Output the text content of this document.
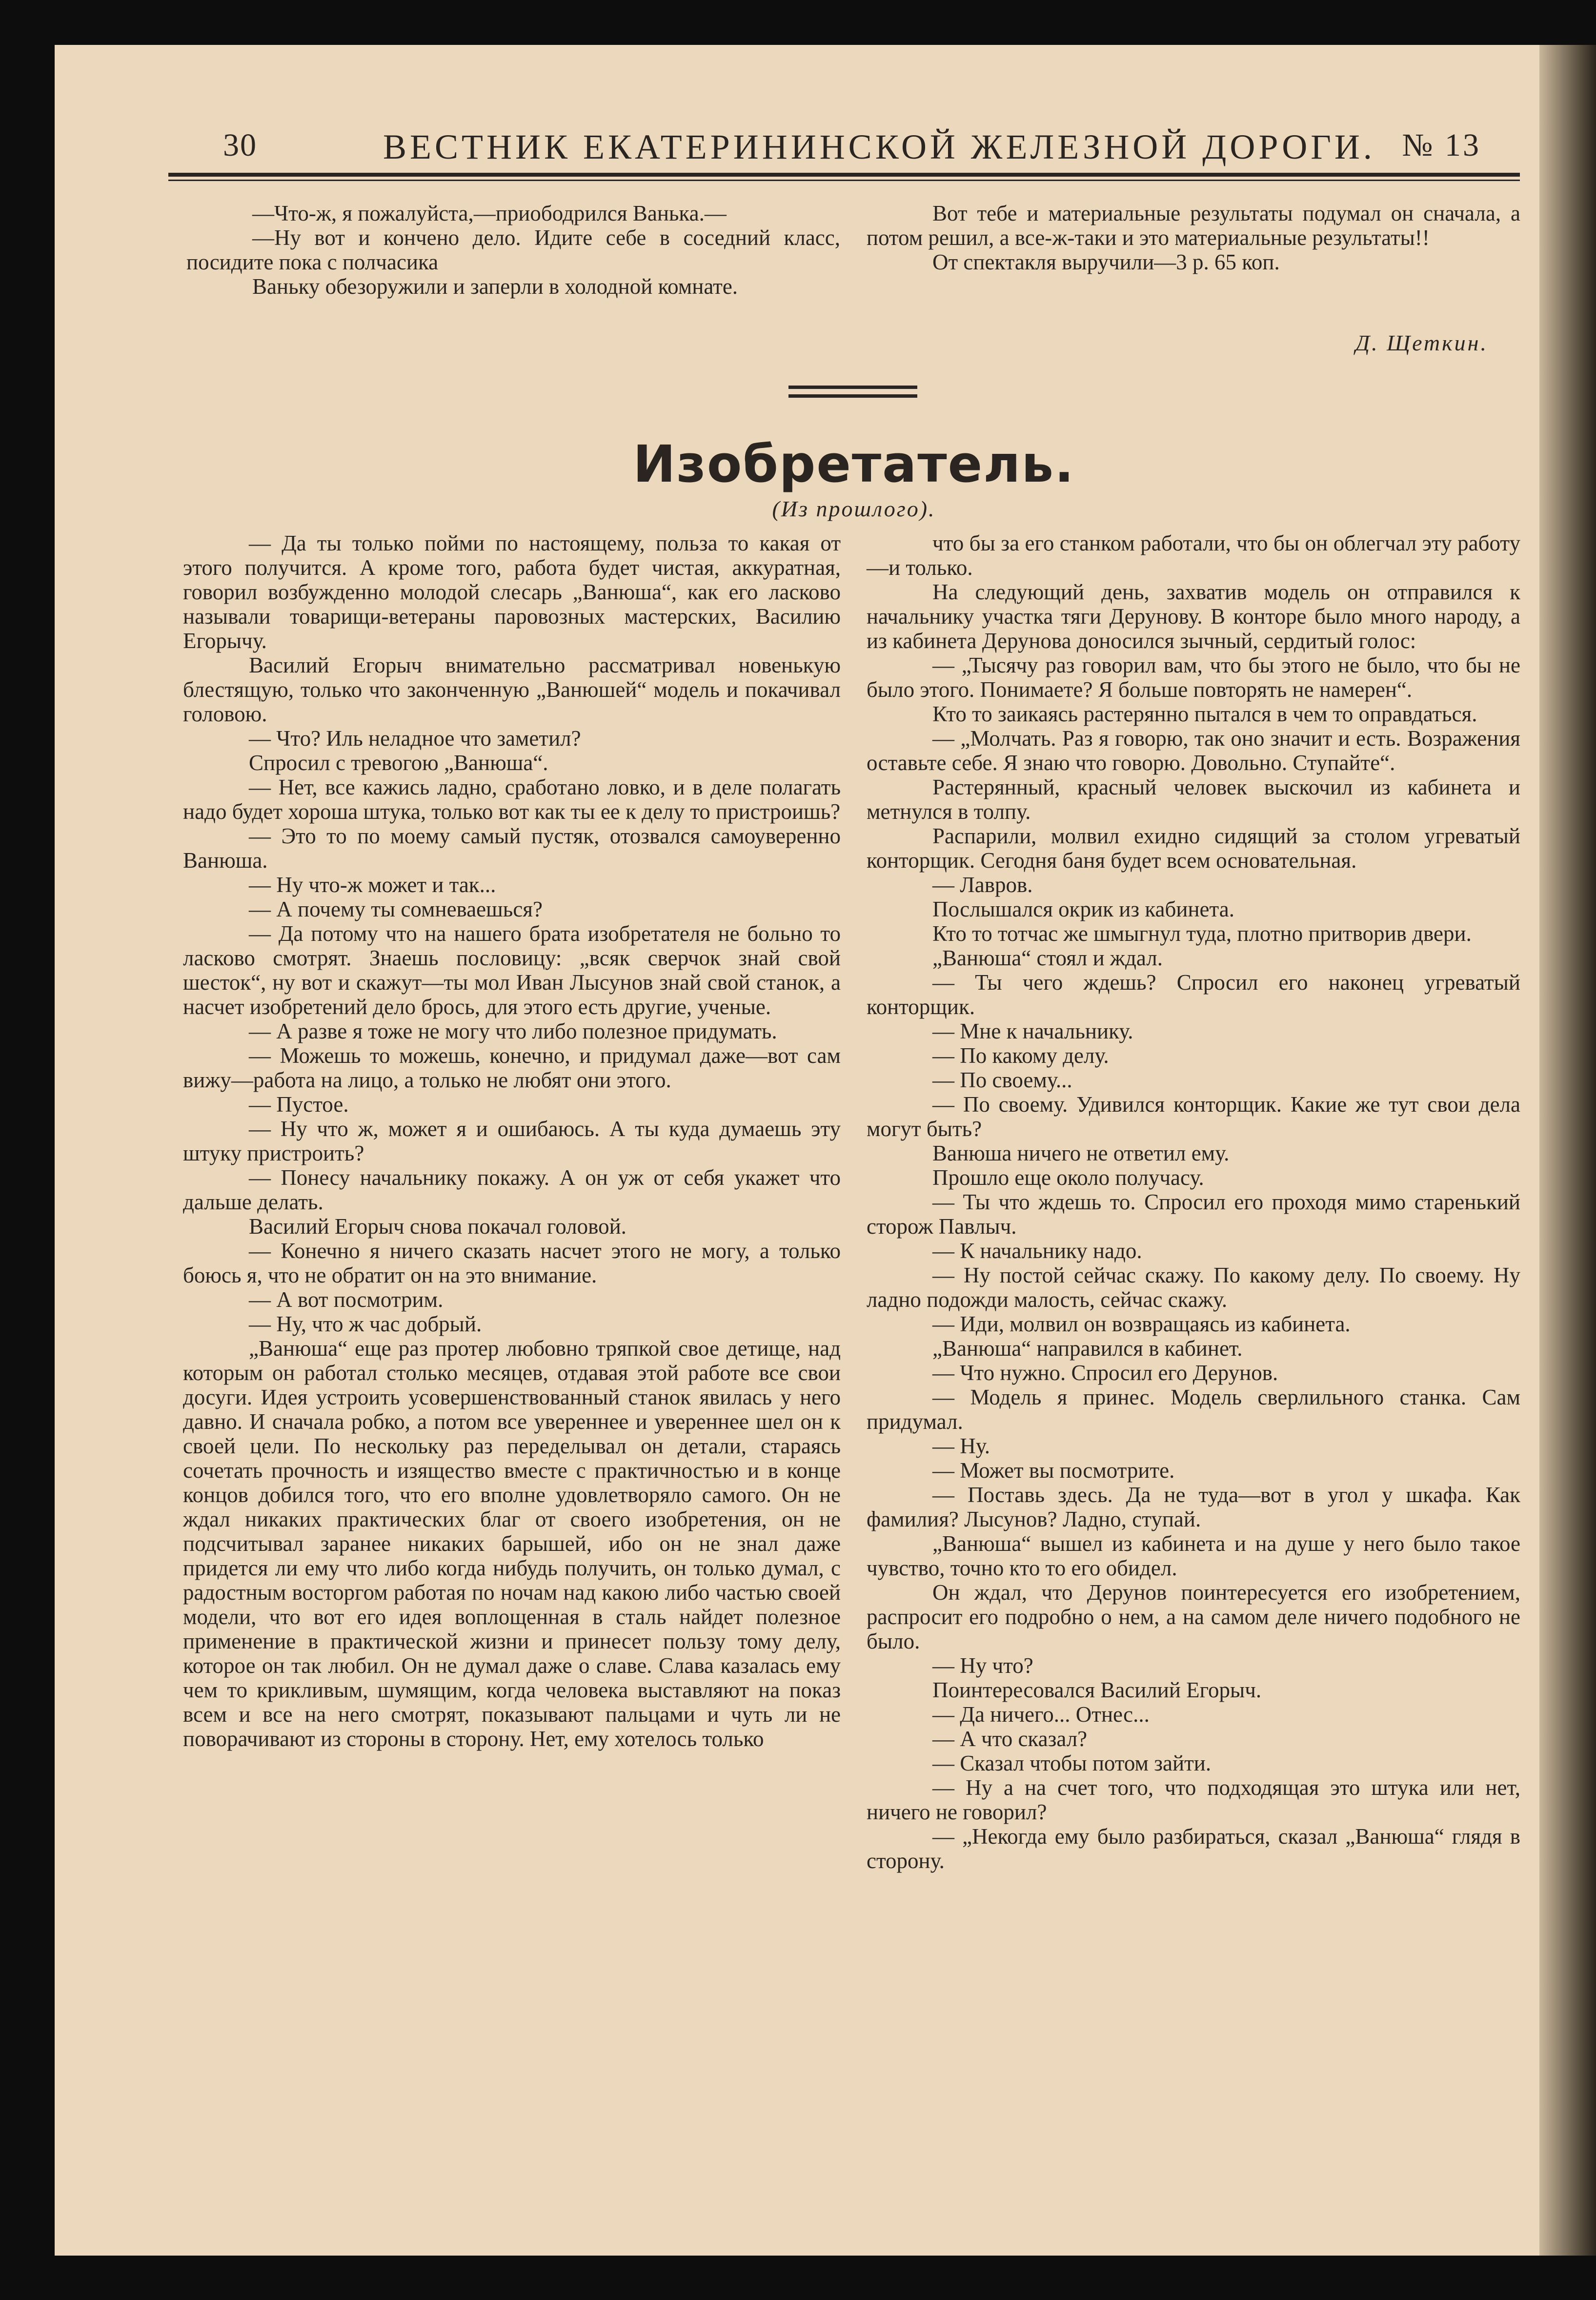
30	ВЕСТНИК ЕКАТЕРИНИНСКОЙ ЖЕЛЕЗНОЙ ДОРОГИ. № 13

—Что-ж, я пожалуйста,—приободрился Ванька.—

—Ну вот и кончено дело. Идите себе в соседний класс, посидите пока с полчасика

Ваньку обезоружили и заперли в холодной комнате.

Вот тебе и материальные результаты подумал он сначала, а потом решил, а все-ж-таки и это материальные результаты!!

От спектакля выручили—3 р. 65 коп.

Д. Щеткин.
Изобретатель.
(Из прошлого).

— Да ты только пойми по настоящему, польза то какая от этого получится. А кроме того, работа будет чистая, аккуратная, говорил возбужденно молодой слесарь „Ванюша“, как его ласково называли товарищи-ветераны паровозных мастерских, Василию Егорычу.

Василий Егорыч внимательно рассматривал новенькую блестящую, только что законченную „Ванюшей“ модель и покачивал головою.

— Что? Иль неладное что заметил?

Спросил с тревогою „Ванюша“.

— Нет, все кажись ладно, сработано ловко, и в деле полагать надо будет хороша штука, только вот как ты ее к делу то пристроишь?

— Это то по моему самый пустяк, отозвался самоуверенно Ванюша.

— Ну что-ж может и так...

— А почему ты сомневаешься?

— Да потому что на нашего брата изобретателя не больно то ласково смотрят. Знаешь пословицу: „всяк сверчок знай свой шесток“, ну вот и скажут—ты мол Иван Лысунов знай свой станок, а насчет изобретений дело брось, для этого есть другие, ученые.

— А разве я тоже не могу что либо полезное придумать.

— Можешь то можешь, конечно, и придумал даже—вот сам вижу—работа на лицо, а только не любят они этого.

— Пустое.

— Ну что ж, может я и ошибаюсь. А ты куда думаешь эту штуку пристроить?

— Понесу начальнику покажу. А он уж от себя укажет что дальше делать.

Василий Егорыч снова покачал головой.

— Конечно я ничего сказать насчет этого не могу, а только боюсь я, что не обратит он на это внимание.

— А вот посмотрим.

— Ну, что ж час добрый.

„Ванюша“ еще раз протер любовно тряпкой свое детище, над которым он работал столько месяцев, отдавая этой работе все свои досуги. Идея устроить усовершенствованный станок явилась у него давно. И сначала робко, а потом все увереннее и увереннее шел он к своей цели. По нескольку раз переделывал он детали, стараясь сочетать прочность и изящество вместе с практичностью и в конце концов добился того, что его вполне удовлетворяло самого. Он не ждал никаких практических благ от своего изобретения, он не подсчитывал заранее никаких барышей, ибо он не знал даже придется ли ему что либо когда нибудь получить, он только думал, с радостным восторгом работая по ночам над какою либо частью своей модели, что вот его идея воплощенная в сталь найдет полезное применение в практической жизни и принесет пользу тому делу, которое он так любил. Он не думал даже о славе. Слава казалась ему чем то крикливым, шумящим, когда человека выставляют на показ всем и все на него смотрят, показывают пальцами и чуть ли не поворачивают из стороны в сторону. Нет, ему хотелось только

что бы за его станком работали, что бы он облегчал эту работу—и только.

На следующий день, захватив модель он отправился к начальнику участка тяги Дерунову. В конторе было много народу, а из кабинета Дерунова доносился зычный, сердитый голос:

— „Тысячу раз говорил вам, что бы этого не было, что бы не было этого. Понимаете? Я больше повторять не намерен“.

Кто то заикаясь растерянно пытался в чем то оправдаться.

— „Молчать. Раз я говорю, так оно значит и есть. Возражения оставьте себе. Я знаю что говорю. Довольно. Ступайте“.

Растерянный, красный человек выскочил из кабинета и метнулся в толпу.

Распарили, молвил ехидно сидящий за столом угреватый конторщик. Сегодня баня будет всем основательная.

— Лавров.

Послышался окрик из кабинета.

Кто то тотчас же шмыгнул туда, плотно притворив двери.

„Ванюша“ стоял и ждал.

— Ты чего ждешь? Спросил его наконец угреватый конторщик.

— Мне к начальнику.

— По какому делу.

— По своему...

— По своему. Удивился конторщик. Какие же тут свои дела могут быть?

Ванюша ничего не ответил ему.

Прошло еще около получасу.

— Ты что ждешь то. Спросил его проходя мимо старенький сторож Павлыч.

— К начальнику надо.

— Ну постой сейчас скажу. По какому делу. По своему. Ну ладно подожди малость, сейчас скажу.

— Иди, молвил он возвращаясь из кабинета.

„Ванюша“ направился в кабинет.

— Что нужно. Спросил его Дерунов.

— Модель я принес. Модель сверлильного станка. Сам придумал.

— Ну.

— Может вы посмотрите.

— Поставь здесь. Да не туда—вот в угол у шкафа. Как фамилия? Лысунов? Ладно, ступай.

„Ванюша“ вышел из кабинета и на душе у него было такое чувство, точно кто то его обидел.

Он ждал, что Дерунов поинтересуется его изобретением, распросит его подробно о нем, а на самом деле ничего подобного не было.

— Ну что?

Поинтересовался Василий Егорыч.

— Да ничего... Отнес...

— А что сказал?

— Сказал чтобы потом зайти.

— Ну а на счет того, что подходящая это штука или нет, ничего не говорил?

— „Некогда ему было разбираться, сказал „Ванюша“ глядя в сторону.
